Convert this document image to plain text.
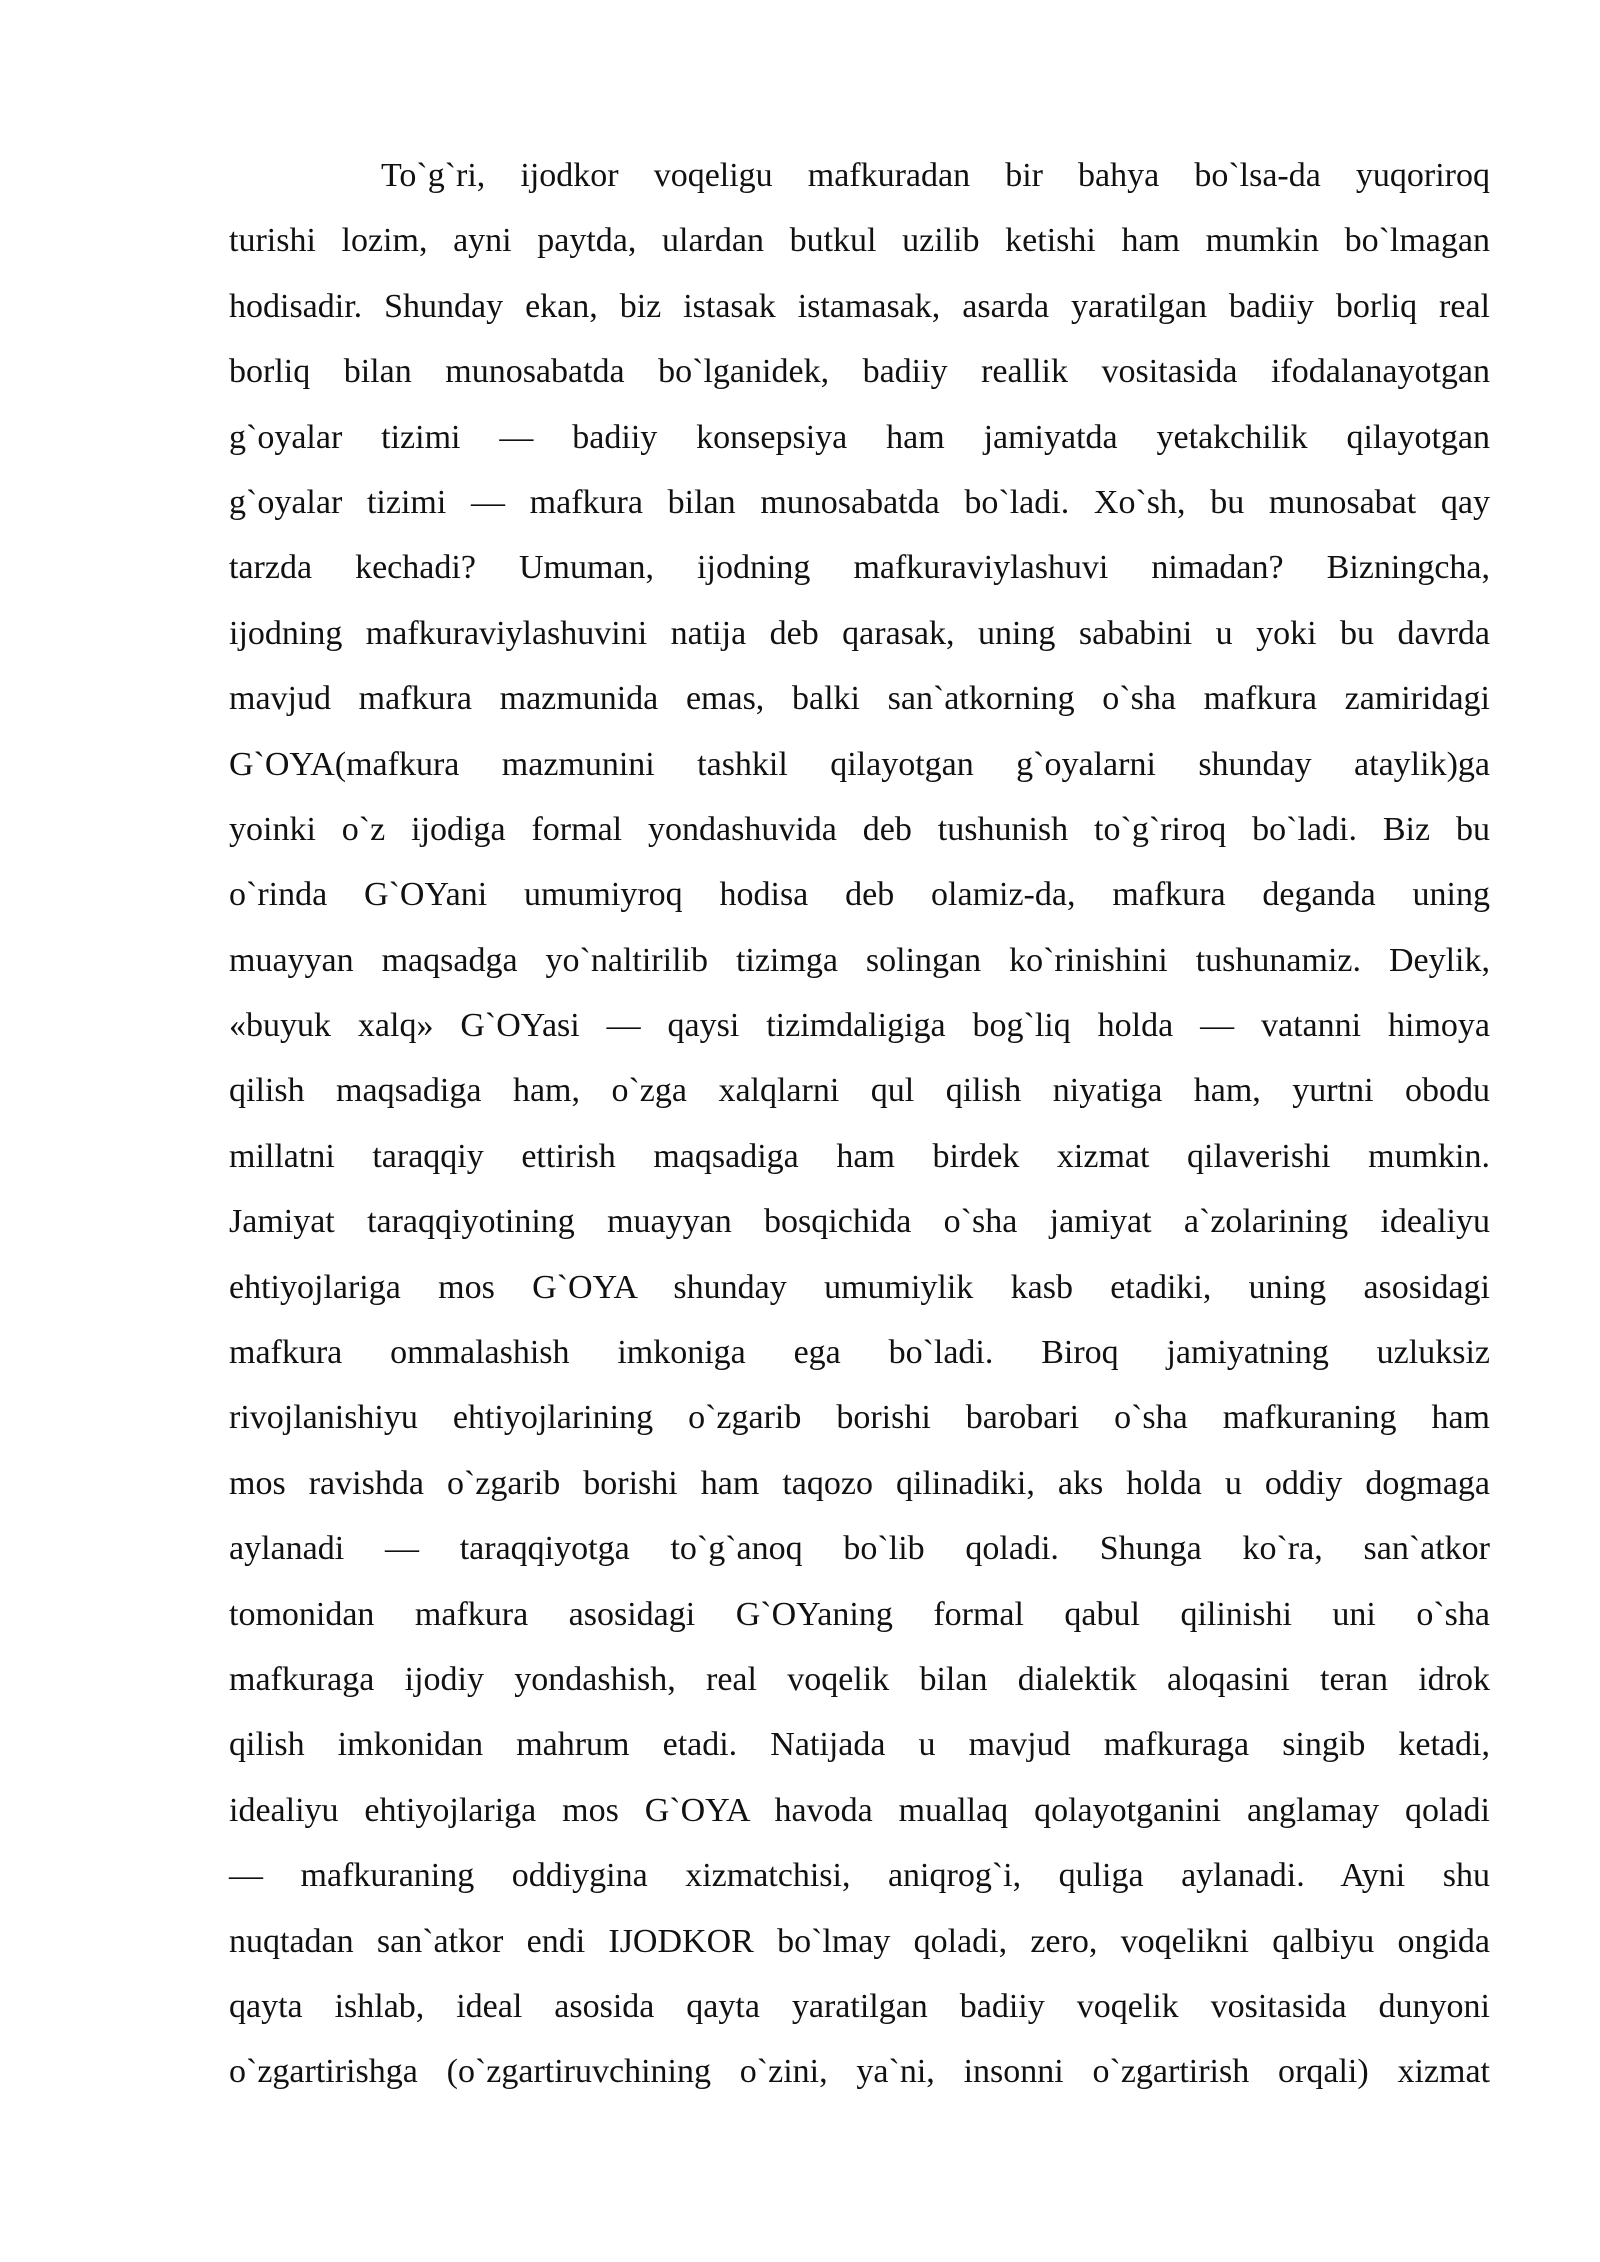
To`g`ri, ijodkor voqeligu mafkuradan bir bahya bo`lsa-da yuqoriroq
turishi lozim, ayni paytda, ulardan butkul uzilib ketishi ham mumkin bo`lmagan
hodisadir. Shunday ekan, biz istasak istamasak, asarda yaratilgan badiiy borliq real
borliq bilan munosabatda bo`lganidek, badiiy reallik vositasida ifodalanayotgan
g`oyalar tizimi — badiiy konsepsiya ham jamiyatda yetakchilik qilayotgan
g`oyalar tizimi — mafkura bilan munosabatda bo`ladi. Xo`sh, bu munosabat qay
tarzda kechadi? Umuman, ijodning mafkuraviylashuvi nimadan? Bizningcha,
ijodning mafkuraviylashuvini natija deb qarasak, uning sababini u yoki bu davrda
mavjud mafkura mazmunida emas, balki san`atkorning o`sha mafkura zamiridagi
G`OYA(mafkura mazmunini tashkil qilayotgan g`oyalarni shunday ataylik)ga
yoinki o`z ijodiga formal yondashuvida deb tushunish to`g`riroq bo`ladi. Biz bu
o`rinda G`OYani umumiyroq hodisa deb olamiz-da, mafkura deganda uning
muayyan maqsadga yo`naltirilib tizimga solingan ko`rinishini tushunamiz. Deylik,
«buyuk xalq» G`OYasi — qaysi tizimdaligiga bog`liq holda — vatanni himoya
qilish maqsadiga ham, o`zga xalqlarni qul qilish niyatiga ham, yurtni obodu
millatni taraqqiy ettirish maqsadiga ham birdek xizmat qilaverishi mumkin.
Jamiyat taraqqiyotining muayyan bosqichida o`sha jamiyat a`zolarining idealiyu
ehtiyojlariga mos G`OYA shunday umumiylik kasb etadiki, uning asosidagi
mafkura ommalashish imkoniga ega bo`ladi. Biroq jamiyatning uzluksiz
rivojlanishiyu ehtiyojlarining o`zgarib borishi barobari o`sha mafkuraning ham
mos ravishda o`zgarib borishi ham taqozo qilinadiki, aks holda u oddiy dogmaga
aylanadi — taraqqiyotga to`g`anoq bo`lib qoladi. Shunga ko`ra, san`atkor
tomonidan mafkura asosidagi G`OYaning formal qabul qilinishi uni o`sha
mafkuraga ijodiy yondashish, real voqelik bilan dialektik aloqasini teran idrok
qilish imkonidan mahrum etadi. Natijada u mavjud mafkuraga singib ketadi,
idealiyu ehtiyojlariga mos G`OYA havoda muallaq qolayotganini anglamay qoladi
— mafkuraning oddiygina xizmatchisi, aniqrog`i, quliga aylanadi. Ayni shu
nuqtadan san`atkor endi IJODKOR bo`lmay qoladi, zero, voqelikni qalbiyu ongida
qayta ishlab, ideal asosida qayta yaratilgan badiiy voqelik vositasida dunyoni
o`zgartirishga (o`zgartiruvchining o`zini, ya`ni, insonni o`zgartirish orqali) xizmat
